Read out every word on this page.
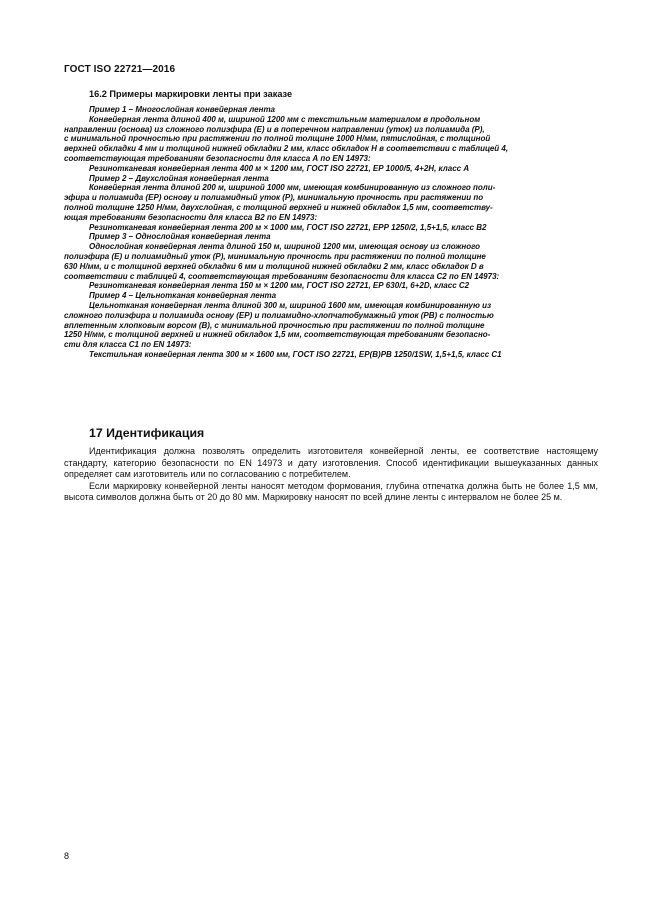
ГОСТ ISO 22721—2016
16.2 Примеры маркировки ленты при заказе
Пример 1 – Многослойная конвейерная лента

Конвейерная лента длиной 400 м, шириной 1200 мм с текстильным материалом в продольном
направлении (основа) из сложного полиэфира (Е) и в поперечном направлении (уток) из полиамида (Р),
с минимальной прочностью при растяжении по полной толщине 1000 Н/мм, пятислойная, с толщиной
верхней обкладки 4 мм и толщиной нижней обкладки 2 мм, класс обкладок Н в соответствии с таблицей 4,
соответствующая требованиям безопасности для класса А по EN 14973:

Резинотканевая конвейерная лента 400 м × 1200 мм, ГОСТ ISO 22721, ЕР 1000/5, 4+2Н, класс А
Пример 2 – Двухслойная конвейерная лента

Конвейерная лента длиной 200 м, шириной 1000 мм, имеющая комбинированную из сложного поли-
эфира и полиамида (ЕР) основу и полиамидный уток (Р), минимальную прочность при растяжении по
полной толщине 1250 Н/мм, двухслойная, с толщиной верхней и нижней обкладок 1,5 мм, соответству-
ющая требованиям безопасности для класса В2 по EN 14973:

Резинотканевая конвейерная лента 200 м × 1000 мм, ГОСТ ISO 22721, ЕРР 1250/2, 1,5+1,5, класс В2
Пример 3 – Однослойная конвейерная лента

Однослойная конвейерная лента длиной 150 м, шириной 1200 мм, имеющая основу из сложного
полиэфира (Е) и полиамидный уток (Р), минимальную прочность при растяжении по полной толщине
630 Н/мм, и с толщиной верхней обкладки 6 мм и толщиной нижней обкладки 2 мм, класс обкладок D в
соответствии с таблицей 4, соответствующая требованиям безопасности для класса С2 по EN 14973:

Резинотканевая конвейерная лента 150 м × 1200 мм, ГОСТ ISO 22721, ЕР 630/1, 6+2D, класс С2
Пример 4 – Цельнотканая конвейерная лента

Цельнотканая конвейерная лента длиной 300 м, шириной 1600 мм, имеющая комбинированную из
сложного полиэфира и полиамида основу (ЕР) и полиамидно-хлопчатобумажный уток (РВ) с полностью
вплетенным хлопковым ворсом (В), с минимальной прочностью при растяжении по полной толщине
1250 Н/мм, с толщиной верхней и нижней обкладок 1,5 мм, соответствующая требованиям безопасно-
сти для класса С1 по EN 14973:

Текстильная конвейерная лента 300 м × 1600 мм, ГОСТ ISO 22721, ЕР(В)РВ 1250/1SW, 1,5+1,5, класс С1
17 Идентификация

Идентификация должна позволять определить изготовителя конвейерной ленты, ее соответствие настоящему стандарту, категорию безопасности по EN 14973 и дату изготовления. Способ идентификации вышеуказанных данных определяет сам изготовитель или по согласованию с потребителем.

Если маркировку конвейерной ленты наносят методом формования, глубина отпечатка должна быть не более 1,5 мм, высота символов должна быть от 20 до 80 мм. Маркировку наносят по всей длине ленты с интервалом не более 25 м.

8
